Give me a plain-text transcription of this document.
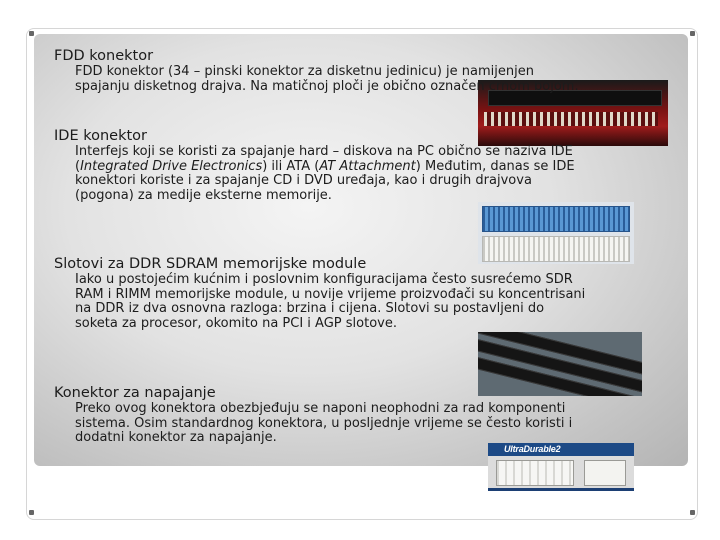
UltraDurable2
FDD konektor
FDD konektor (34 – pinski konektor za disketnu jedinicu) je namijenjen
spajanju disketnog drajva. Na matičnoj ploči je obično označen crnom bojom.
IDE konektor
Interfejs koji se koristi za spajanje hard – diskova na PC obično se naziva IDE
(Integrated Drive Electronics) ili ATA (AT Attachment) Međutim, danas se IDE
konektori koriste i za spajanje CD i DVD uređaja, kao i drugih drajvova
(pogona) za medije eksterne memorije.
Slotovi za DDR SDRAM memorijske module
Iako u postojećim kućnim i poslovnim konfiguracijama često susrećemo SDR
RAM i RIMM memorijske module, u novije vrijeme proizvođači su koncentrisani
na DDR iz dva osnovna razloga: brzina i cijena. Slotovi su postavljeni do
soketa za procesor, okomito na PCI i AGP slotove.
Konektor za napajanje
Preko ovog konektora obezbjeđuju se naponi neophodni za rad komponenti
sistema. Osim standardnog konektora, u posljednje vrijeme se često koristi i
dodatni konektor za napajanje.
